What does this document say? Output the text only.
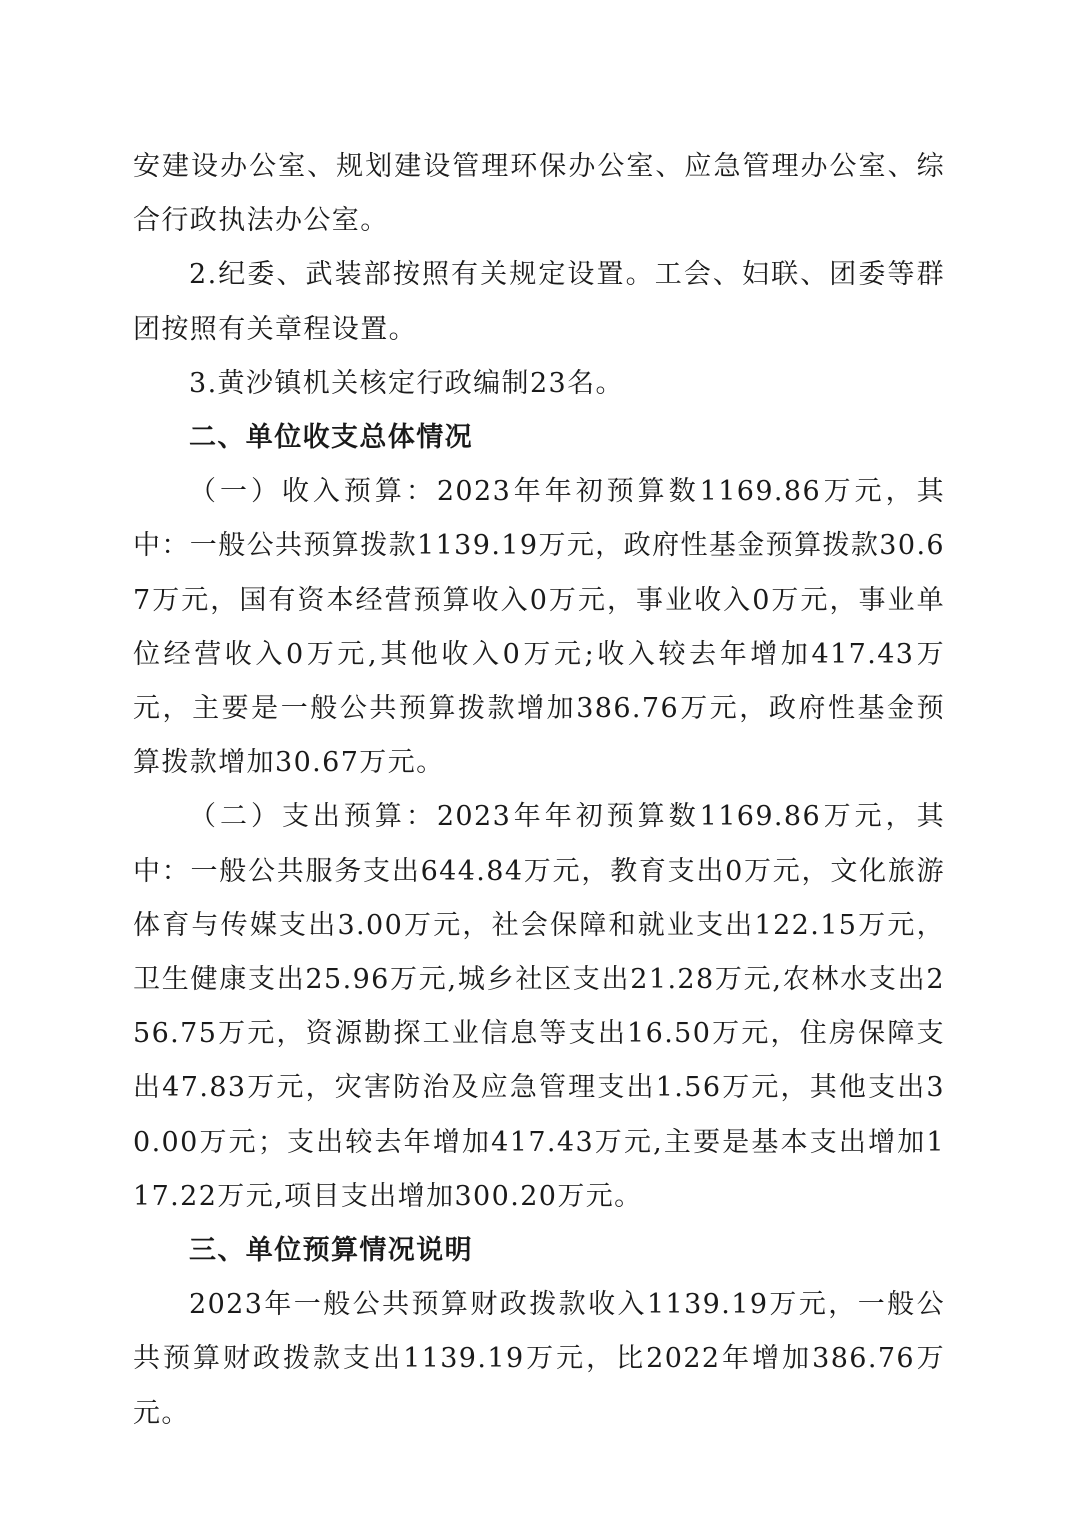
安建设办公室、规划建设管理环保办公室、应急管理办公室、综合行政执法办公室。

2.纪委、武装部按照有关规定设置。工会、妇联、团委等群团按照有关章程设置。

3.黄沙镇机关核定行政编制23名。

二、单位收支总体情况

（一）收入预算：2023年年初预算数1169.86万元，其中：一般公共预算拨款1139.19万元，政府性基金预算拨款30.67万元，国有资本经营预算收入0万元，事业收入0万元，事业单位经营收入0万元,其他收入0万元;收入较去年增加417.43万元，主要是一般公共预算拨款增加386.76万元，政府性基金预算拨款增加30.67万元。

（二）支出预算：2023年年初预算数1169.86万元，其中：一般公共服务支出644.84万元，教育支出0万元，文化旅游体育与传媒支出3.00万元，社会保障和就业支出122.15万元，卫生健康支出25.96万元,城乡社区支出21.28万元,农林水支出256.75万元，资源勘探工业信息等支出16.50万元，住房保障支出47.83万元，灾害防治及应急管理支出1.56万元，其他支出30.00万元；支出较去年增加417.43万元,主要是基本支出增加117.22万元,项目支出增加300.20万元。

三、单位预算情况说明

2023年一般公共预算财政拨款收入1139.19万元，一般公共预算财政拨款支出1139.19万元，比2022年增加386.76万元。
